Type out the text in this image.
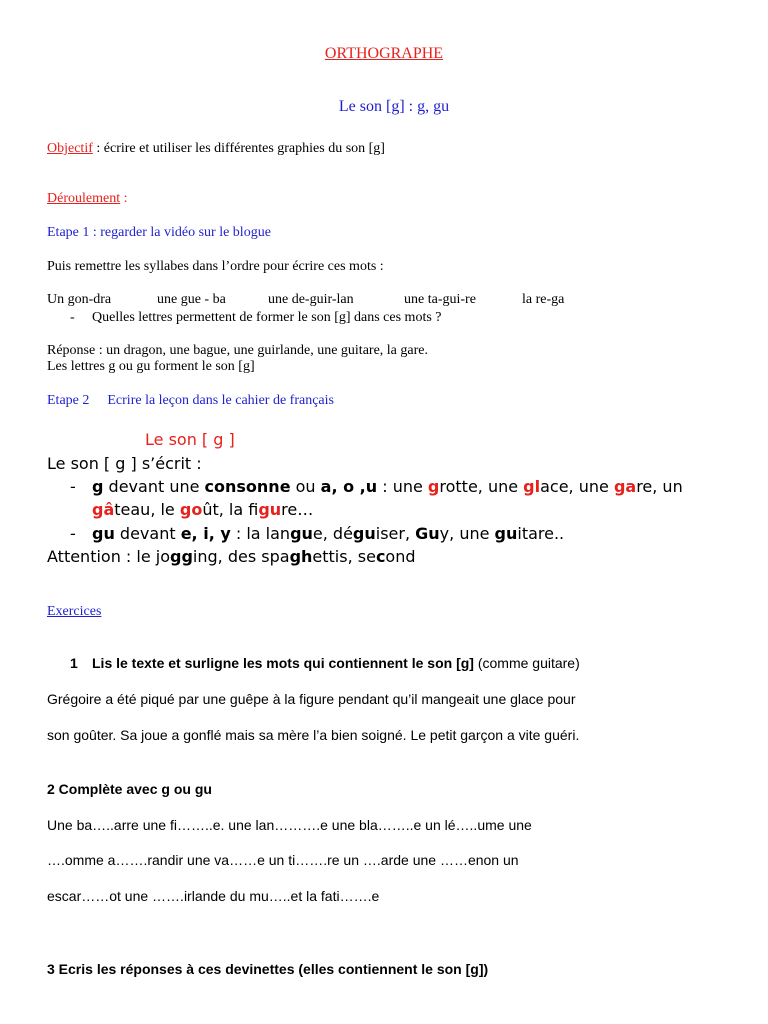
ORTHOGRAPHE
Le son [g] : g, gu
Objectif : écrire et utiliser les différentes graphies du son [g]
Déroulement :
Etape 1 : regarder la vidéo sur le blogue
Puis remettre les syllabes dans l’ordre pour écrire ces mots :
Un gon-dra	une gue - ba	une de-guir-lan	une ta-gui-re	la re-ga
- Quelles lettres permettent de former le son [g] dans ces mots ?
Réponse : un dragon, une bague, une guirlande, une guitare, la gare.
Les lettres g ou gu forment le son [g]
Etape 2 Ecrire la leçon dans le cahier de français
Le son [ g ]
Le son [ g ] s’écrit :
- g devant une consonne ou a, o ,u : une grotte, une glace, une gare, un
gâteau, le goût, la figure…
- gu devant e, i, y : la langue, déguiser, Guy, une guitare..
Attention : le jogging, des spaghettis, second
Exercices
1 Lis le texte et surligne les mots qui contiennent le son [g] (comme guitare)
Grégoire a été piqué par une guêpe à la figure pendant qu’il mangeait une glace pour
son goûter. Sa joue a gonflé mais sa mère l’a bien soigné. Le petit garçon a vite guéri.
2 Complète avec g ou gu
Une ba…..arre une fi……..e. une lan……….e une bla……..e un lé…..ume une
….omme a…….randir une va……e un ti…….re un ….arde une ……enon un
escar……ot une …….irlande du mu…..et la fati…….e
3 Ecris les réponses à ces devinettes (elles contiennent le son [g])
